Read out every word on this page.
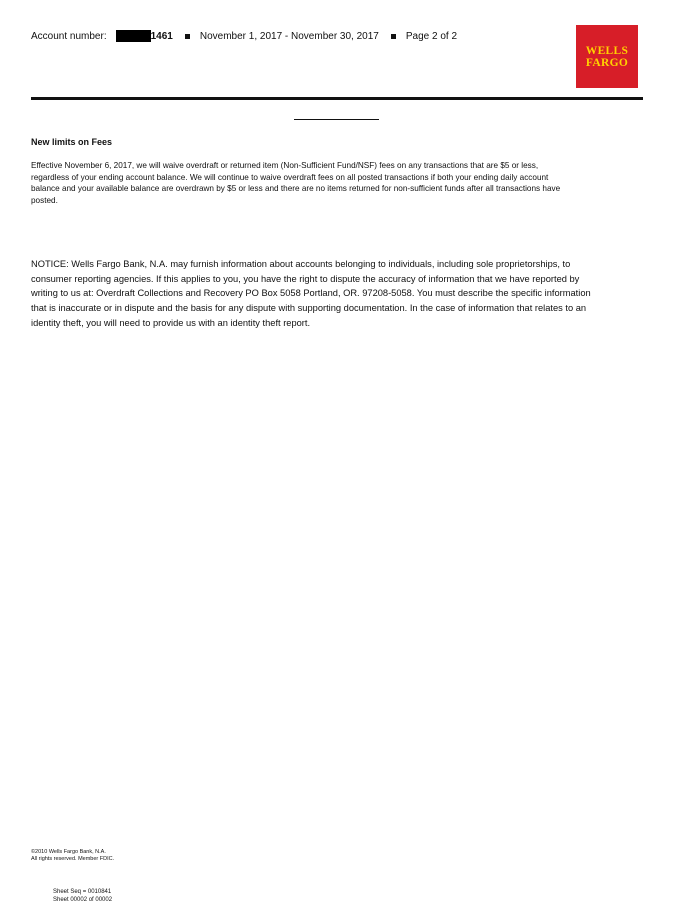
Account number:	1461	November 1, 2017 - November 30, 2017	Page 2 of 2
WELLS
FARGO
New limits on Fees
Effective November 6, 2017, we will waive overdraft or returned item (Non-Sufficient Fund/NSF) fees on any transactions that are $5 or less, regardless of your ending account balance. We will continue to waive overdraft fees on all posted transactions if both your ending daily account balance and your available balance are overdrawn by $5 or less and there are no items returned for non-sufficient funds after all transactions have posted.
NOTICE: Wells Fargo Bank, N.A. may furnish information about accounts belonging to individuals, including sole proprietorships, to consumer reporting agencies. If this applies to you, you have the right to dispute the accuracy of information that we have reported by writing to us at: Overdraft Collections and Recovery PO Box 5058 Portland, OR. 97208-5058. You must describe the specific information that is inaccurate or in dispute and the basis for any dispute with supporting documentation. In the case of information that relates to an identity theft, you will need to provide us with an identity theft report.
©2010 Wells Fargo Bank, N.A.
All rights reserved. Member FDIC.
Sheet Seq = 0010841
Sheet 00002 of 00002
